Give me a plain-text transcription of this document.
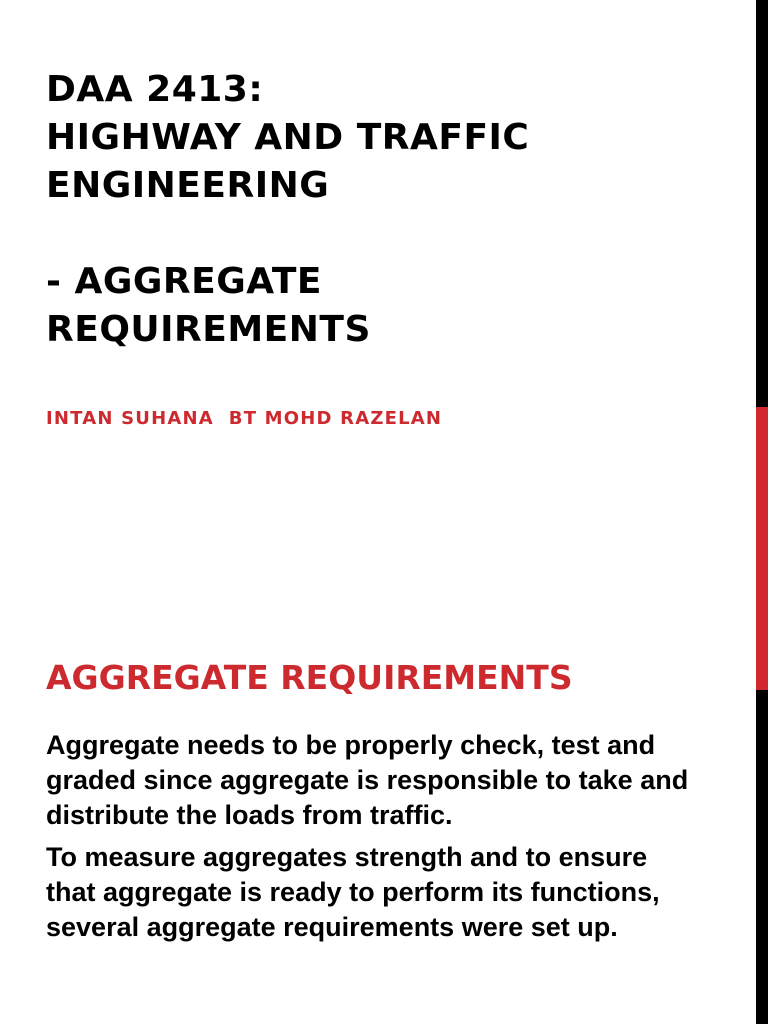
DAA 2413:
HIGHWAY AND TRAFFIC
ENGINEERING
- AGGREGATE
REQUIREMENTS

INTAN SUHANA  BT MOHD RAZELAN

AGGREGATE REQUIREMENTS

Aggregate needs to be properly check, test and graded since aggregate is responsible to take and distribute the loads from traffic.

To measure aggregates strength and to ensure that aggregate is ready to perform its functions, several aggregate requirements were set up.
